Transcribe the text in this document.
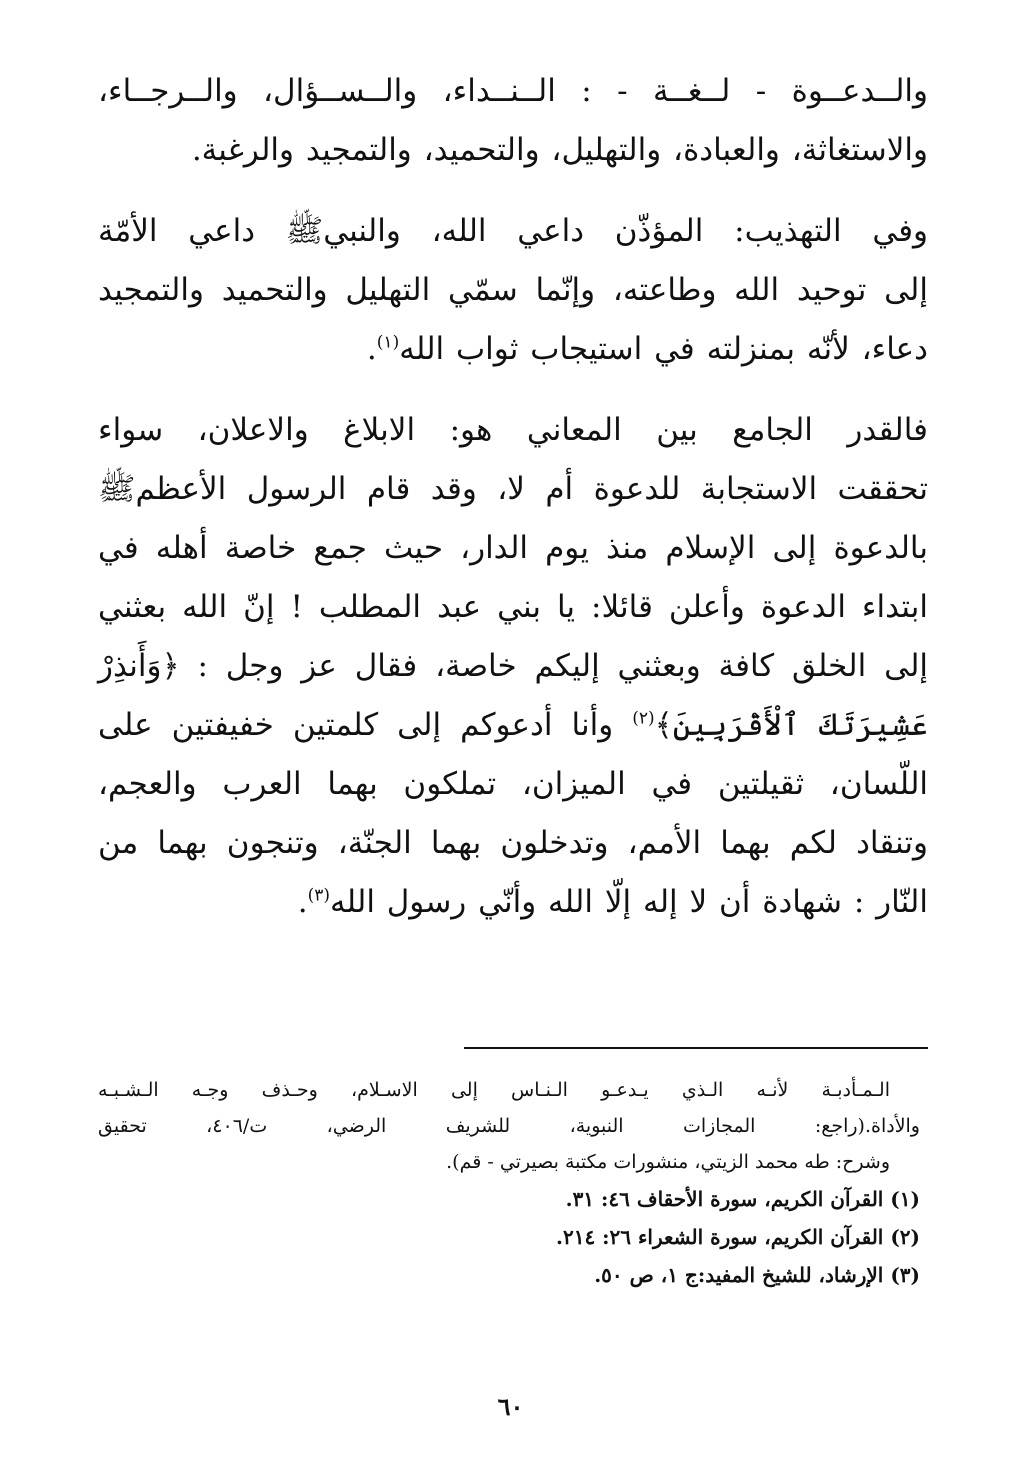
والــدعــوة - لــغــة - : الــنــداء، والــســؤال، والــرجــاء،
والاستغاثة، والعبادة، والتهليل، والتحميد، والتمجيد والرغبة.

وفي التهذيب: المؤذّن داعي الله، والنبيﷺ داعي الأمّة
إلى توحيد الله وطاعته، وإنّما سمّي التهليل والتحميد والتمجيد
دعاء، لأنّه بمنزلته في استيجاب ثواب الله$^{(١)}$.

فالقدر الجامع بين المعاني هو: الابلاغ والاعلان، سواء
تحققت الاستجابة للدعوة أم لا، وقد قام الرسول الأعظمﷺ
بالدعوة إلى الإسلام منذ يوم الدار، حيث جمع خاصة أهله في
ابتداء الدعوة وأعلن قائلا: يا بني عبد المطلب ! إنّ الله بعثني
إلى الخلق كافة وبعثني إليكم خاصة، فقال عز وجل : ﴿وَأَنذِرْ
عَشِيرَتَكَ ٱلْأَقْرَبِينَ﴾$^{(٢)}$ وأنا أدعوكم إلى كلمتين خفيفتين على
اللّسان، ثقيلتين في الميزان، تملكون بهما العرب والعجم،
وتنقاد لكم بهما الأمم، وتدخلون بهما الجنّة، وتنجون بهما من
النّار : شهادة أن لا إله إلّا الله وأنّي رسول الله$^{(٣)}$.

الـمـأدبـة لأنـه الـذي يـدعـو الـنـاس إلى الاسـلام، وحـذف وجـه الـشـبـه
والأداة.(راجع: المجازات النبوية، للشريف الرضي، ت/٤٠٦، تحقيق
وشرح: طه محمد الزيتي، منشورات مكتبة بصيرتي - قم).
(١) القرآن الكريم، سورة الأحقاف ٤٦: ٣١.
(٢) القرآن الكريم، سورة الشعراء ٢٦: ٢١٤.
(٣) الإرشاد، للشيخ المفيد:ج ١، ص ٥٠.
٦٠
